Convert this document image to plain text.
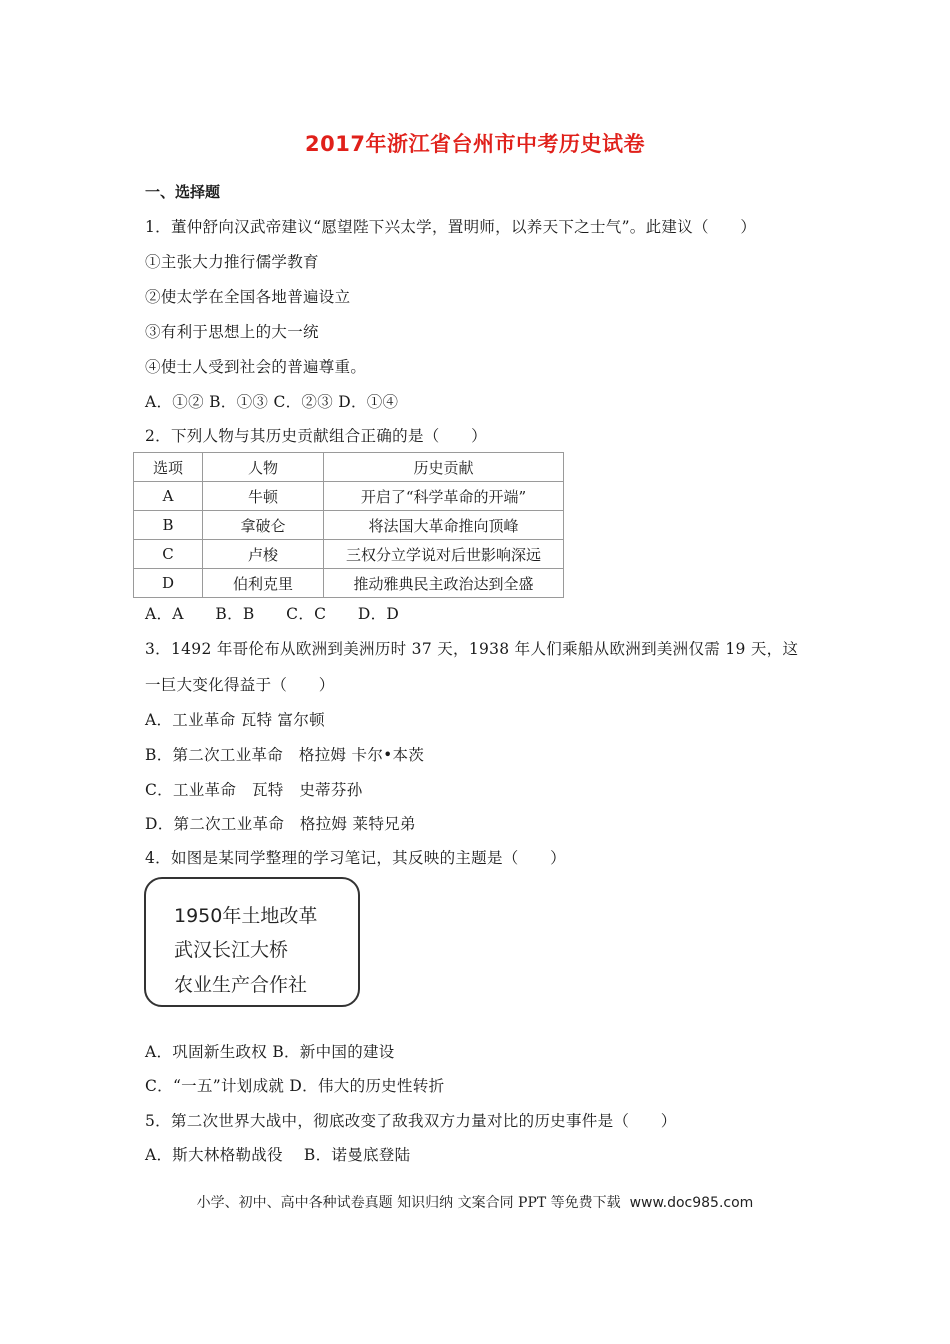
2017年浙江省台州市中考历史试卷
一、选择题
1．董仲舒向汉武帝建议“愿望陛下兴太学，置明师，以养天下之士气”。此建议（　　）
①主张大力推行儒学教育
②使太学在全国各地普遍设立
③有利于思想上的大一统
④使士人受到社会的普遍尊重。
A．①② B．①③ C．②③ D．①④
2．下列人物与其历史贡献组合正确的是（　　）
选项	人物	历史贡献
A	牛顿	开启了“科学革命的开端”
B	拿破仑	将法国大革命推向顶峰
C	卢梭	三权分立学说对后世影响深远
D	伯利克里	推动雅典民主政治达到全盛
A．A　　B．B　　C．C　　D．D
3．1492 年哥伦布从欧洲到美洲历时 37 天，1938 年人们乘船从欧洲到美洲仅需 19 天，这
一巨大变化得益于（　　）
A．工业革命 瓦特 富尔顿
B．第二次工业革命　格拉姆 卡尔•本茨
C．工业革命　瓦特　史蒂芬孙
D．第二次工业革命　格拉姆 莱特兄弟
4．如图是某同学整理的学习笔记，其反映的主题是（　　）
1950年土地改革
武汉长江大桥
农业生产合作社
A．巩固新生政权 B．新中国的建设
C．“一五”计划成就 D．伟大的历史性转折
5．第二次世界大战中，彻底改变了敌我双方力量对比的历史事件是（　　）
A．斯大林格勒战役　 B．诺曼底登陆
小学、初中、高中各种试卷真题 知识归纳 文案合同 PPT 等免费下载 www.doc985.com
